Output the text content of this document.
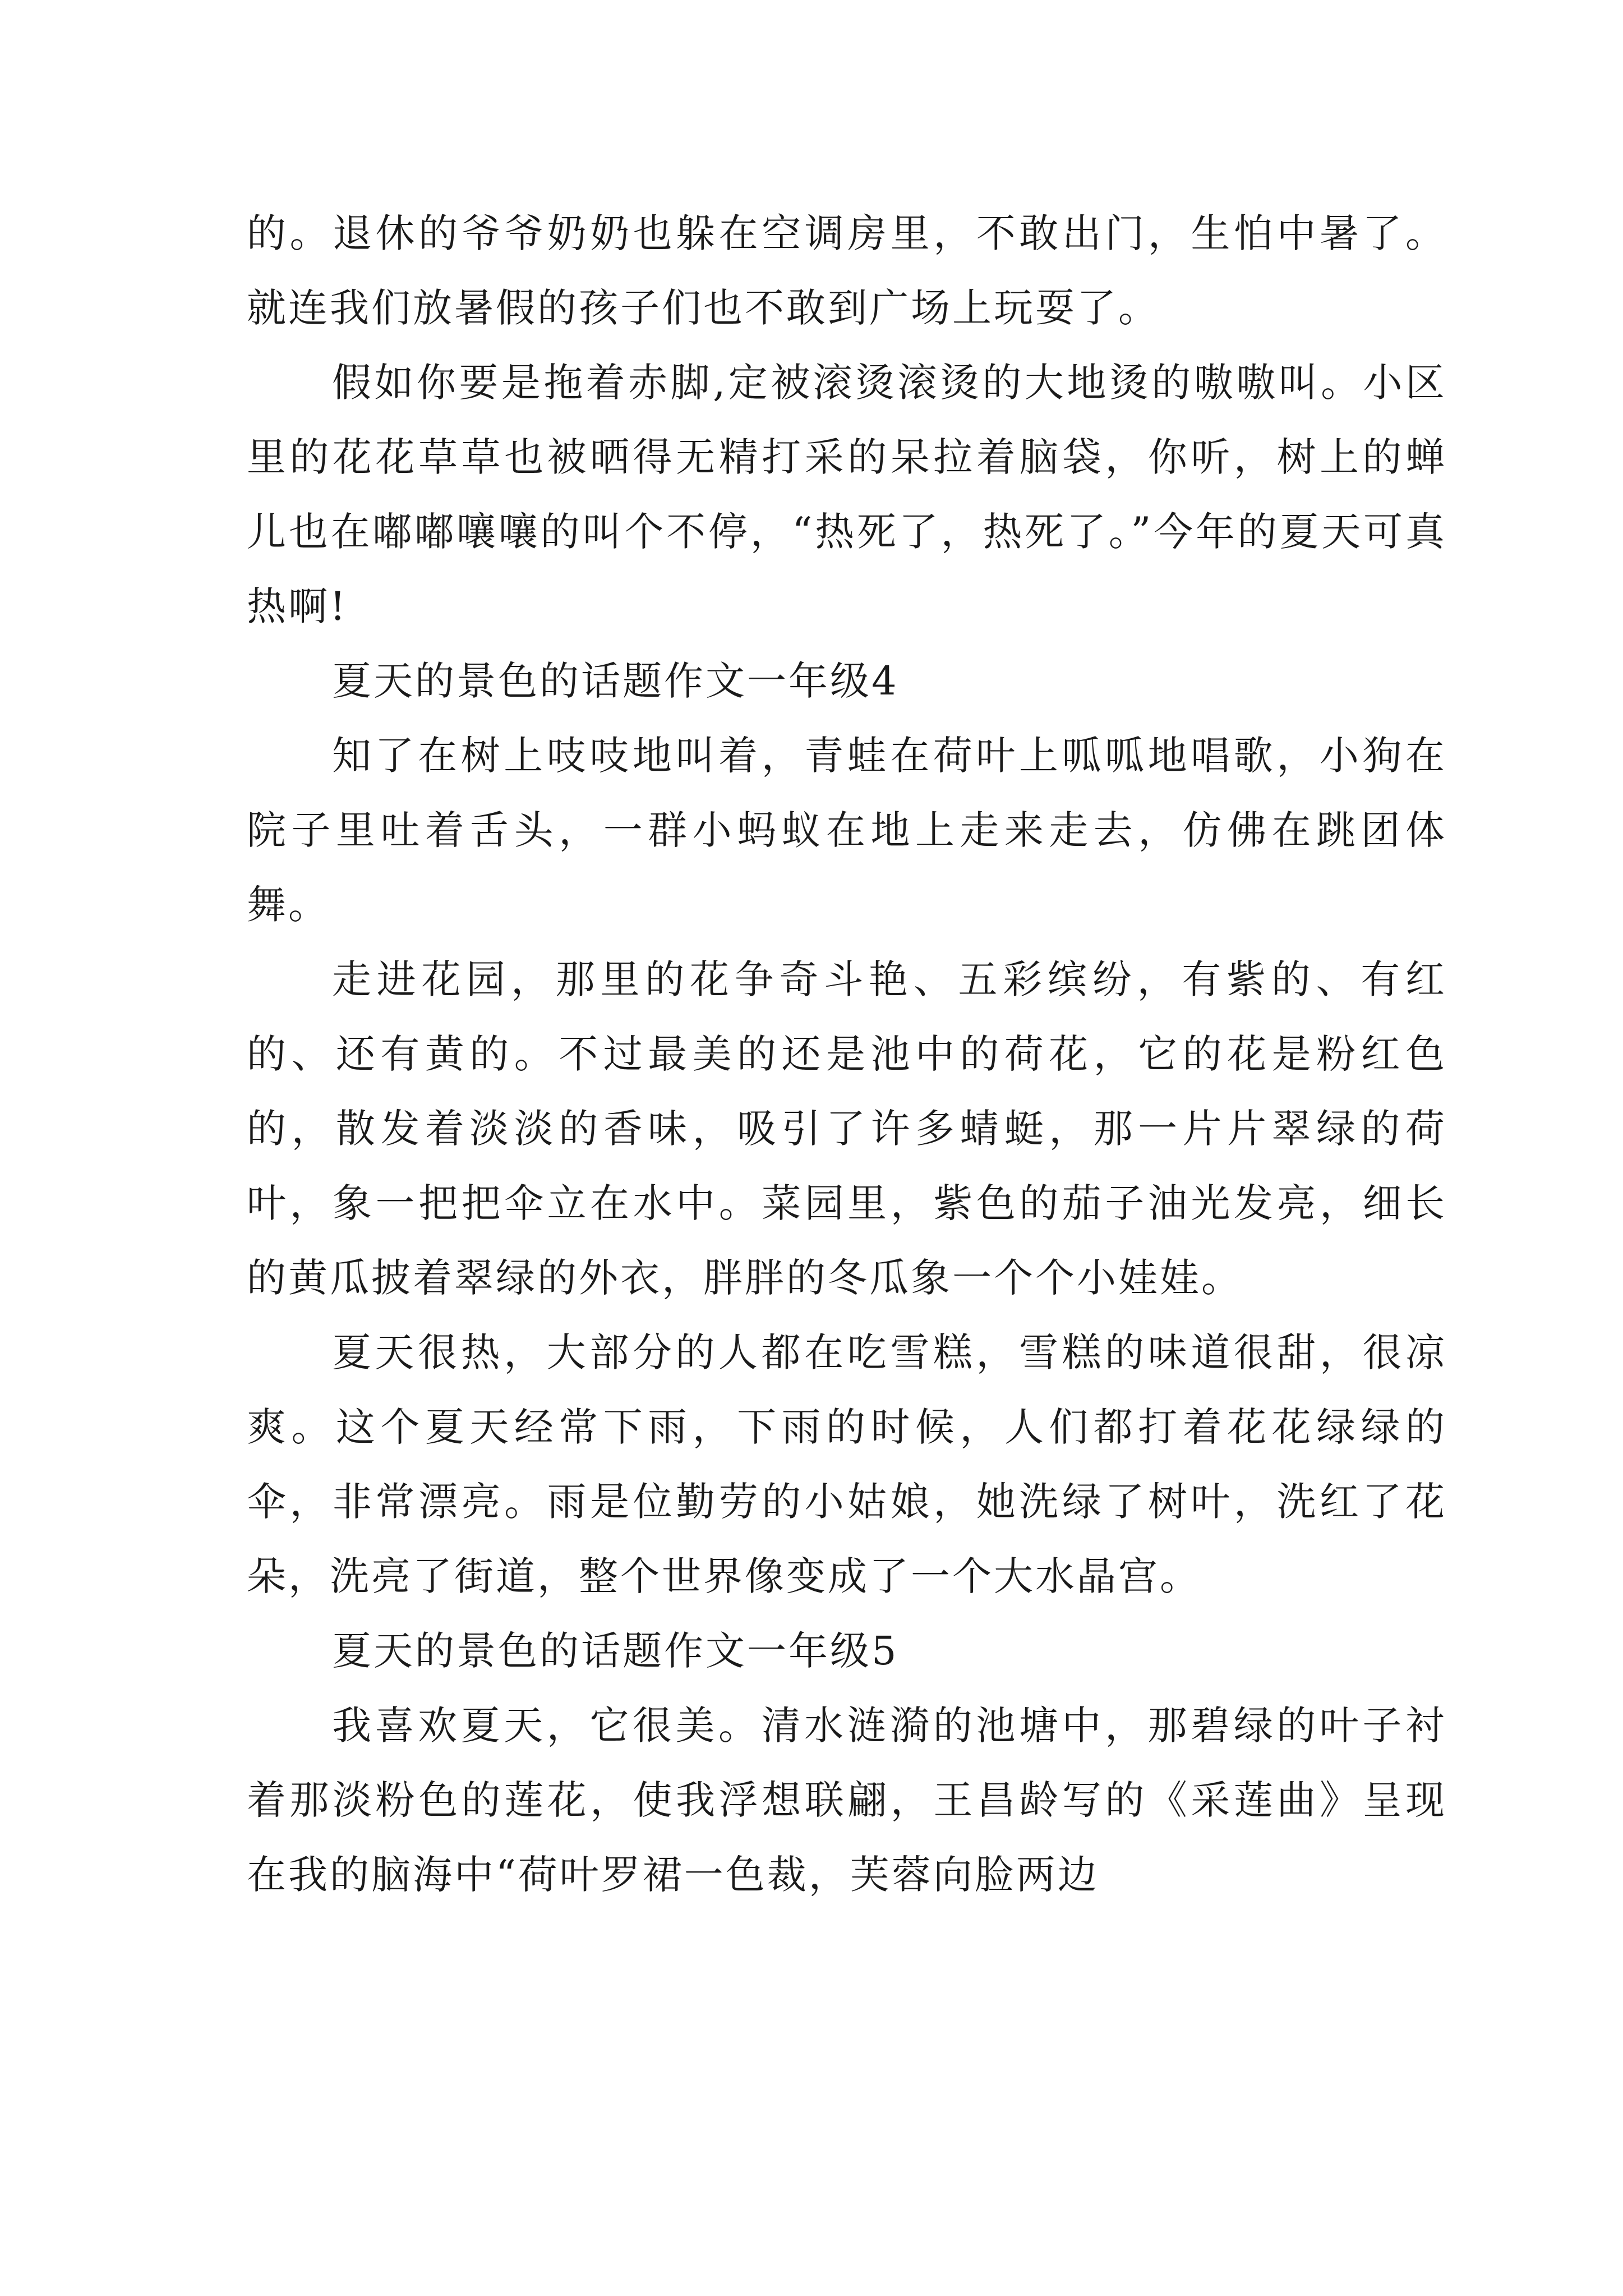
的。退休的爷爷奶奶也躲在空调房里，不敢出门，生怕中暑了。就连我们放暑假的孩子们也不敢到广场上玩耍了。

假如你要是拖着赤脚,定被滚烫滚烫的大地烫的嗷嗷叫。小区里的花花草草也被晒得无精打采的呆拉着脑袋，你听，树上的蝉儿也在嘟嘟嚷嚷的叫个不停，“热死了，热死了。”今年的夏天可真热啊!

夏天的景色的话题作文一年级4

知了在树上吱吱地叫着，青蛙在荷叶上呱呱地唱歌，小狗在院子里吐着舌头，一群小蚂蚁在地上走来走去，仿佛在跳团体舞。

走进花园，那里的花争奇斗艳、五彩缤纷，有紫的、有红的、还有黄的。不过最美的还是池中的荷花，它的花是粉红色的，散发着淡淡的香味，吸引了许多蜻蜓，那一片片翠绿的荷叶，象一把把伞立在水中。菜园里，紫色的茄子油光发亮，细长的黄瓜披着翠绿的外衣，胖胖的冬瓜象一个个小娃娃。

夏天很热，大部分的人都在吃雪糕，雪糕的味道很甜，很凉爽。这个夏天经常下雨，下雨的时候，人们都打着花花绿绿的伞，非常漂亮。雨是位勤劳的小姑娘，她洗绿了树叶，洗红了花朵，洗亮了街道，整个世界像变成了一个大水晶宫。

夏天的景色的话题作文一年级5

我喜欢夏天，它很美。清水涟漪的池塘中，那碧绿的叶子衬着那淡粉色的莲花，使我浮想联翩，王昌龄写的《采莲曲》呈现在我的脑海中“荷叶罗裙一色裁，芙蓉向脸两边
